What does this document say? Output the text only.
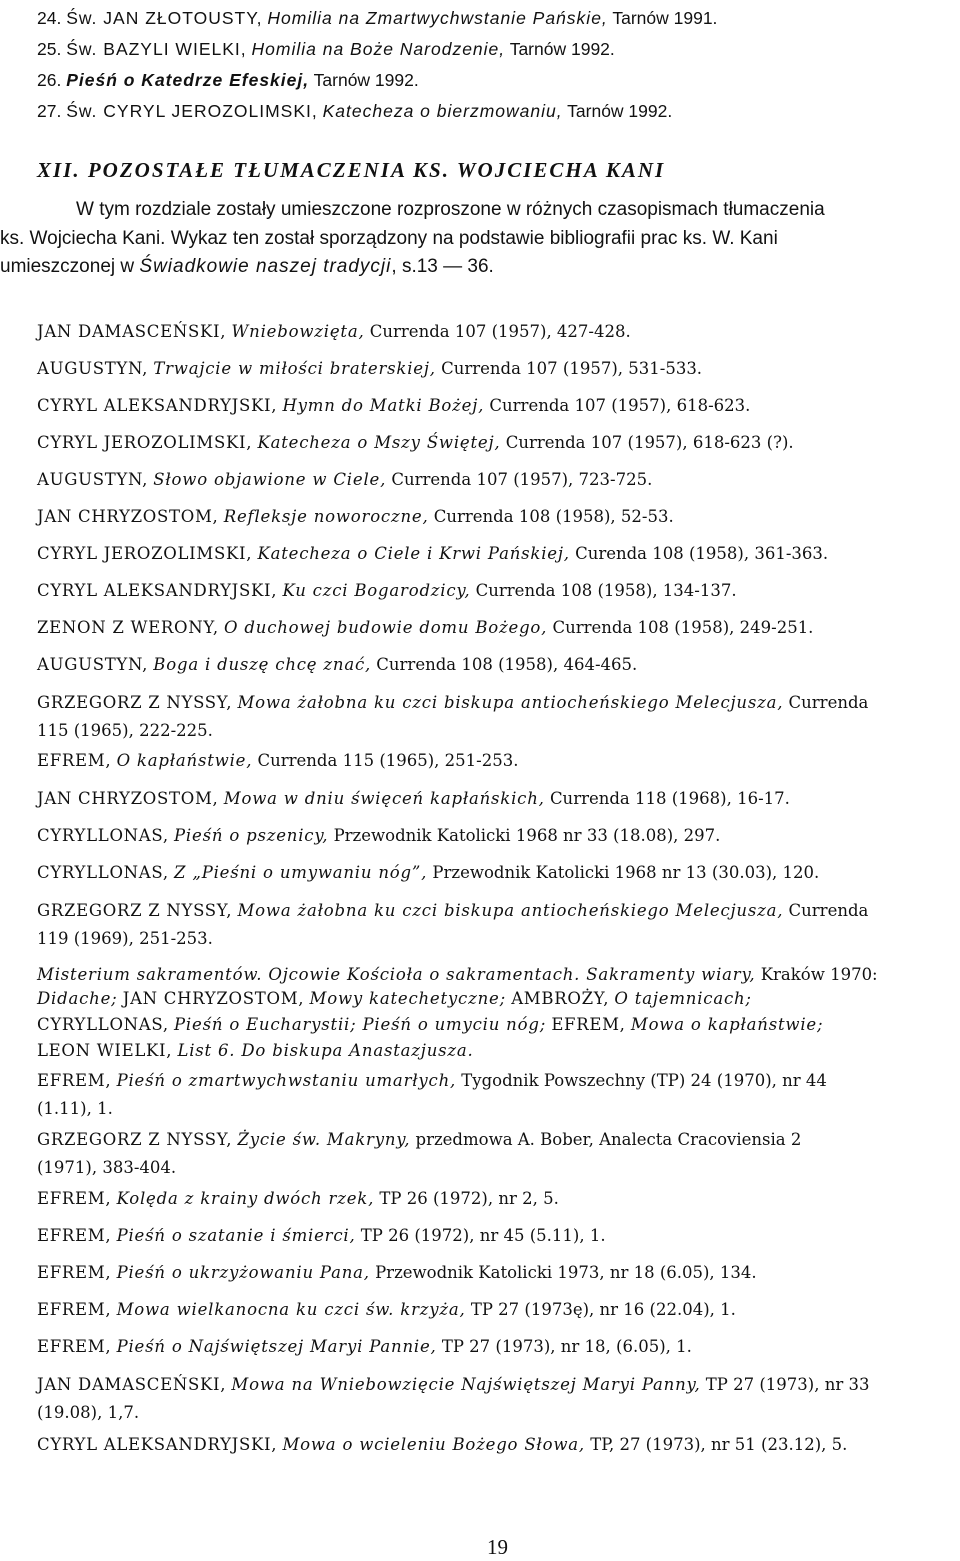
24. Św. JAN ZŁOTOUSTY, Homilia na Zmartwychwstanie Pańskie, Tarnów 1991.
25. Św. BAZYLI WIELKI, Homilia na Boże Narodzenie, Tarnów 1992.
26. Pieśń o Katedrze Efeskiej, Tarnów 1992.
27. Św. CYRYL JEROZOLIMSKI, Katecheza o bierzmowaniu, Tarnów 1992.
XII. POZOSTAŁE TŁUMACZENIA KS. WOJCIECHA KANI
W tym rozdziale zostały umieszczone rozproszone w różnych czasopismach tłumaczenia
ks. Wojciecha Kani. Wykaz ten został sporządzony na podstawie bibliografii prac ks. W. Kani
umieszczonej w Świadkowie naszej tradycji, s.13 — 36.
JAN DAMASCEŃSKI, Wniebowzięta, Currenda 107 (1957), 427-428.
AUGUSTYN, Trwajcie w miłości braterskiej, Currenda 107 (1957), 531-533.
CYRYL ALEKSANDRYJSKI, Hymn do Matki Bożej, Currenda 107 (1957), 618-623.
CYRYL JEROZOLIMSKI, Katecheza o Mszy Świętej, Currenda 107 (1957), 618-623 (?).
AUGUSTYN, Słowo objawione w Ciele, Currenda 107 (1957), 723-725.
JAN CHRYZOSTOM, Refleksje noworoczne, Currenda 108 (1958), 52-53.
CYRYL JEROZOLIMSKI, Katecheza o Ciele i Krwi Pańskiej, Curenda 108 (1958), 361-363.
CYRYL ALEKSANDRYJSKI, Ku czci Bogarodzicy, Currenda 108 (1958), 134-137.
ZENON Z WERONY, O duchowej budowie domu Bożego, Currenda 108 (1958), 249-251.
AUGUSTYN, Boga i duszę chcę znać, Currenda 108 (1958), 464-465.
GRZEGORZ Z NYSSY, Mowa żałobna ku czci biskupa antiocheńskiego Melecjusza, Currenda
115 (1965), 222-225.
EFREM, O kapłaństwie, Currenda 115 (1965), 251-253.
JAN CHRYZOSTOM, Mowa w dniu święceń kapłańskich, Currenda 118 (1968), 16-17.
CYRYLLONAS, Pieśń o pszenicy, Przewodnik Katolicki 1968 nr 33 (18.08), 297.
CYRYLLONAS, Z „Pieśni o umywaniu nóg”, Przewodnik Katolicki 1968 nr 13 (30.03), 120.
GRZEGORZ Z NYSSY, Mowa żałobna ku czci biskupa antiocheńskiego Melecjusza, Currenda
119 (1969), 251-253.
Misterium sakramentów. Ojcowie Kościoła o sakramentach. Sakramenty wiary, Kraków 1970:
Didache; JAN CHRYZOSTOM, Mowy katechetyczne; AMBROŻY, O tajemnicach;
CYRYLLONAS, Pieśń o Eucharystii; Pieśń o umyciu nóg; EFREM, Mowa o kapłaństwie;
LEON WIELKI, List 6. Do biskupa Anastazjusza.
EFREM, Pieśń o zmartwychwstaniu umarłych, Tygodnik Powszechny (TP) 24 (1970), nr 44
(1.11), 1.
GRZEGORZ Z NYSSY, Życie św. Makryny, przedmowa A. Bober, Analecta Cracoviensia 2
(1971), 383-404.
EFREM, Kolęda z krainy dwóch rzek, TP 26 (1972), nr 2, 5.
EFREM, Pieśń o szatanie i śmierci, TP 26 (1972), nr 45 (5.11), 1.
EFREM, Pieśń o ukrzyżowaniu Pana, Przewodnik Katolicki 1973, nr 18 (6.05), 134.
EFREM, Mowa wielkanocna ku czci św. krzyża, TP 27 (1973ę), nr 16 (22.04), 1.
EFREM, Pieśń o Najświętszej Maryi Pannie, TP 27 (1973), nr 18, (6.05), 1.
JAN DAMASCEŃSKI, Mowa na Wniebowzięcie Najświętszej Maryi Panny, TP 27 (1973), nr 33
(19.08), 1,7.
CYRYL ALEKSANDRYJSKI, Mowa o wcieleniu Bożego Słowa, TP, 27 (1973), nr 51 (23.12), 5.
19
